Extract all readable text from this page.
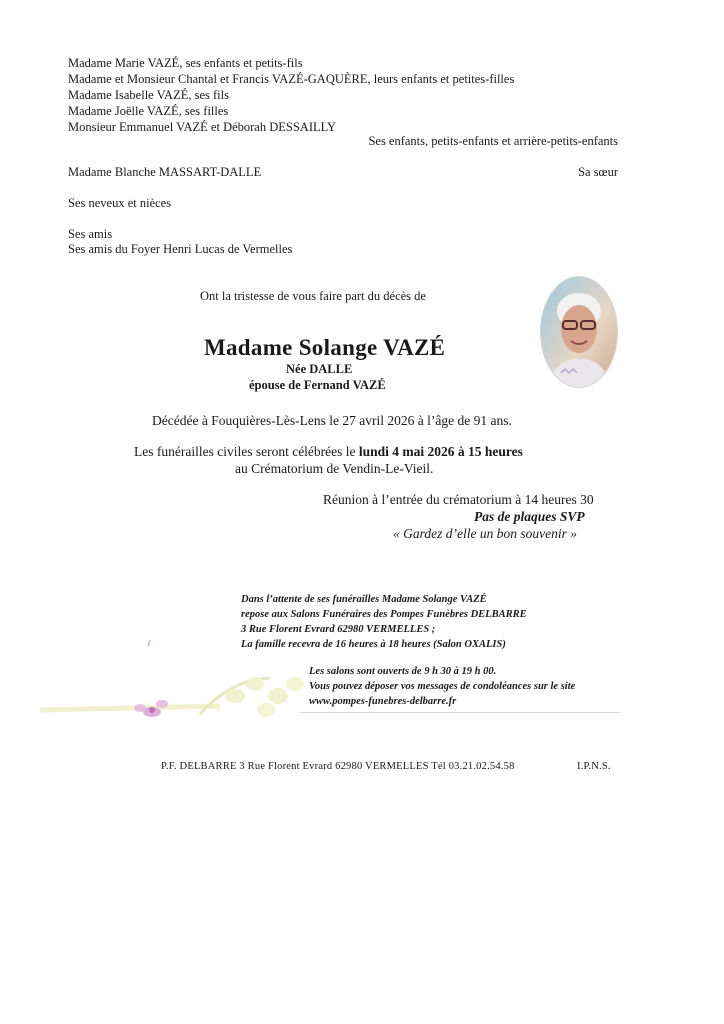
Madame Marie VAZÉ, ses enfants et petits-fils
Madame et Monsieur Chantal et Francis VAZÉ-GAQUÈRE, leurs enfants et petites-filles
Madame Isabelle VAZÉ, ses fils
Madame Joëlle VAZÉ, ses filles
Monsieur Emmanuel VAZÉ et Déborah DESSAILLY
Ses enfants, petits-enfants et arrière-petits-enfants
Madame Blanche MASSART-DALLE	Sa sœur
Ses neveux et nièces
Ses amis
Ses amis du Foyer Henri Lucas de Vermelles
Ont la tristesse de vous faire part du décès de
Madame Solange VAZÉ
Née DALLE
épouse de Fernand VAZÉ
Décédée à Fouquières-Lès-Lens le 27 avril 2026 à l’âge de 91 ans.
Les funérailles civiles seront célébrées le lundi 4 mai 2026 à 15 heures
au Crématorium de Vendin-Le-Vieil.
Réunion à l’entrée du crématorium à 14 heures 30
Pas de plaques SVP
« Gardez d’elle un bon souvenir »
Dans l’attente de ses funérailles Madame Solange VAZÉ
repose aux Salons Funéraires des Pompes Funèbres DELBARRE
3 Rue Florent Evrard 62980 VERMELLES ;
La famille recevra de 16 heures à 18 heures (Salon OXALIS)
Les salons sont ouverts de 9 h 30 à 19 h 00.
Vous pouvez déposer vos messages de condoléances sur le site
www.pompes-funebres-delbarre.fr
P.F. DELBARRE 3 Rue Florent Evrard 62980 VERMELLES Tél 03.21.02.54.58	I.P.N.S.
